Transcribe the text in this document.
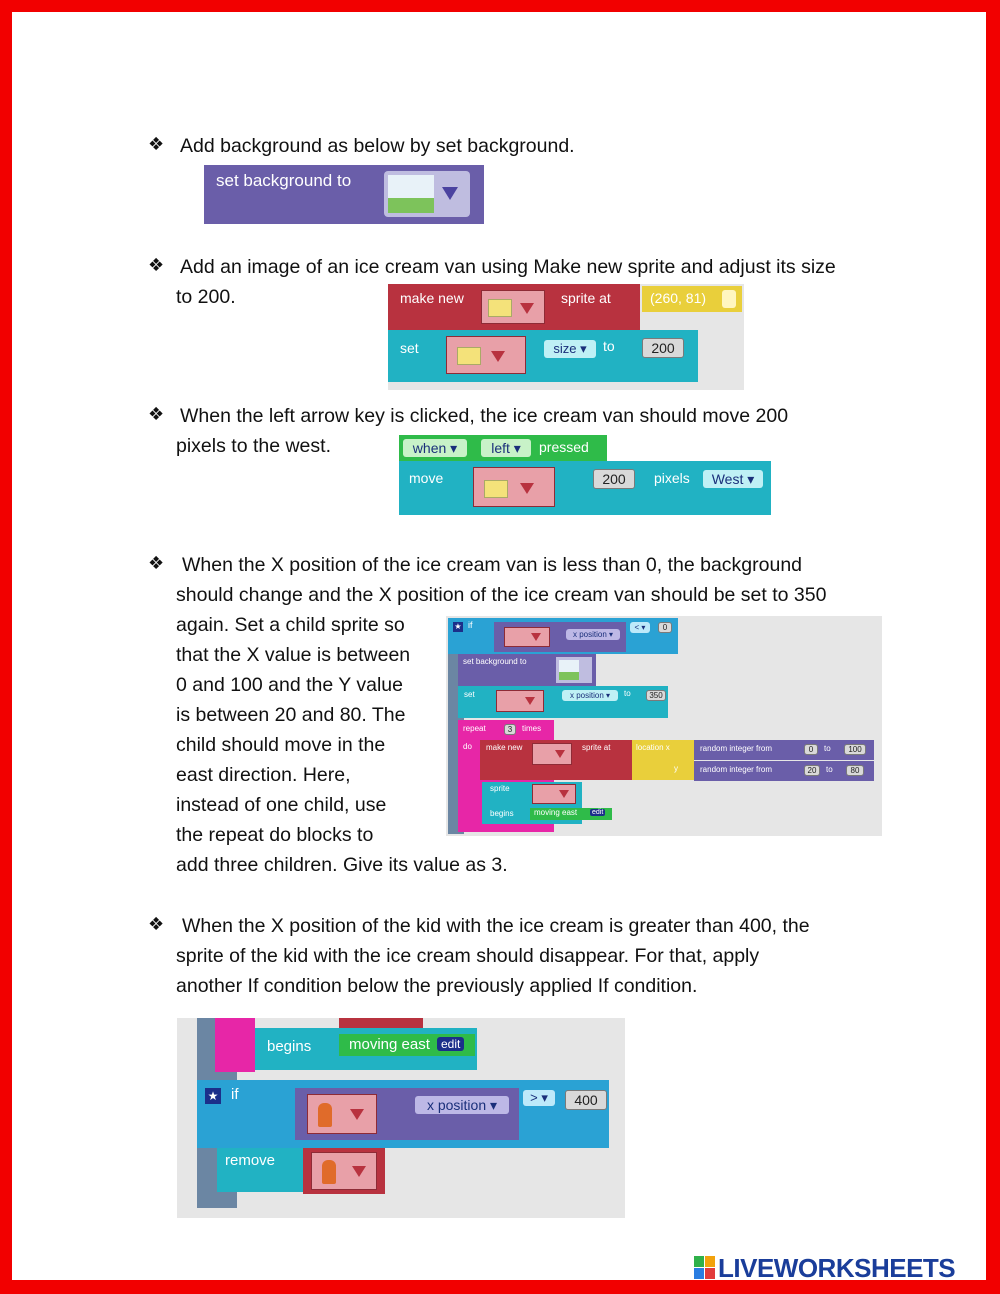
❖ Add background as below by set background.
set background to
❖ Add an image of an ice cream van using Make new sprite and adjust its size
to 200.	make new	sprite at	(260, 81)
set	size ▾	to	200
❖ When the left arrow key is clicked, the ice cream van should move 200
pixels to the west.	when ▾	left ▾	pressed
move	200	pixels	West ▾
❖ When the X position of the ice cream van is less than 0, the background
should change and the X position of the ice cream van should be set to 350
again. Set a child sprite so
that the X value is between
0 and 100 and the Y value
is between 20 and 80. The
child should move in the
east direction. Here,
instead of one child, use
the repeat do blocks to
add three children. Give its value as 3.
★ if
x position ▾
< ▾	0
set background to
set	x position ▾	to	350
repeat	3	times
do make new	sprite at	location x
y
random integer from	0	to	100
random integer from	20	to	80
sprite
begins	moving east edit
❖ When the X position of the kid with the ice cream is greater than 400, the
sprite of the kid with the ice cream should disappear. For that, apply
another If condition below the previously applied If condition.
begins	moving east edit
★ if
x position ▾	> ▾	400
remove
LIVEWORKSHEETS
